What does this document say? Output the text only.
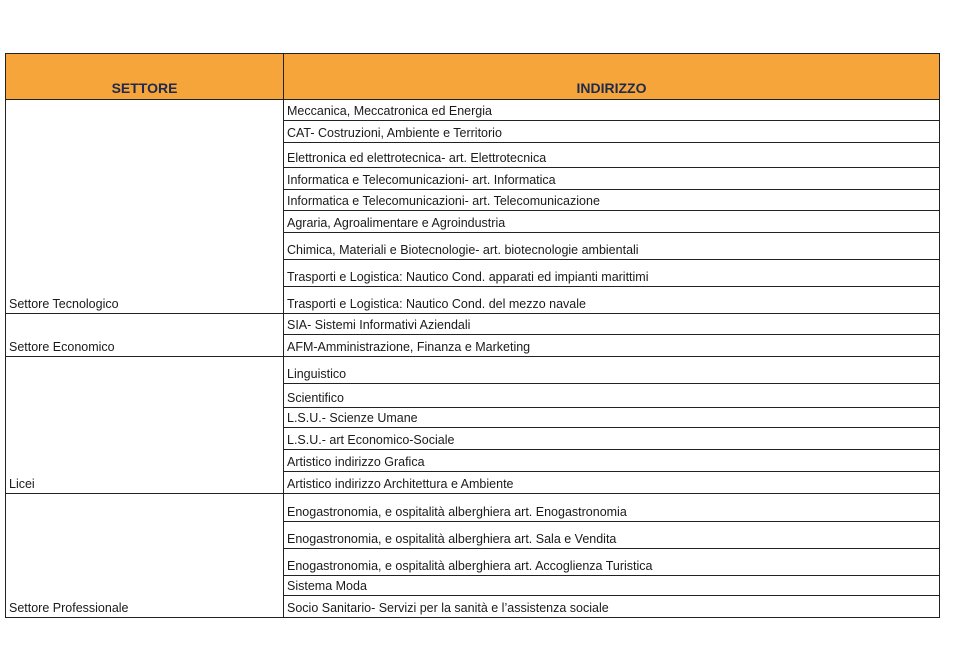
SETTORE	INDIRIZZO
Settore Tecnologico	Meccanica, Meccatronica ed Energia
	CAT- Costruzioni, Ambiente e Territorio
	Elettronica ed elettrotecnica- art. Elettrotecnica
	Informatica e Telecomunicazioni- art. Informatica
	Informatica e Telecomunicazioni- art. Telecomunicazione
	Agraria, Agroalimentare e Agroindustria
	Chimica, Materiali e Biotecnologie- art. biotecnologie ambientali
	Trasporti e Logistica: Nautico Cond. apparati ed impianti marittimi
	Trasporti e Logistica: Nautico Cond. del mezzo navale
Settore Economico	SIA- Sistemi Informativi Aziendali
	AFM-Amministrazione, Finanza e Marketing
Licei	Linguistico
	Scientifico
	L.S.U.- Scienze Umane
	L.S.U.- art Economico-Sociale
	Artistico indirizzo Grafica
	Artistico indirizzo Architettura e Ambiente
Settore Professionale	Enogastronomia, e ospitalità alberghiera art. Enogastronomia
	Enogastronomia, e ospitalità alberghiera art. Sala e Vendita
	Enogastronomia, e ospitalità alberghiera art. Accoglienza Turistica
	Sistema Moda
	Socio Sanitario- Servizi per la sanità e l’assistenza sociale
